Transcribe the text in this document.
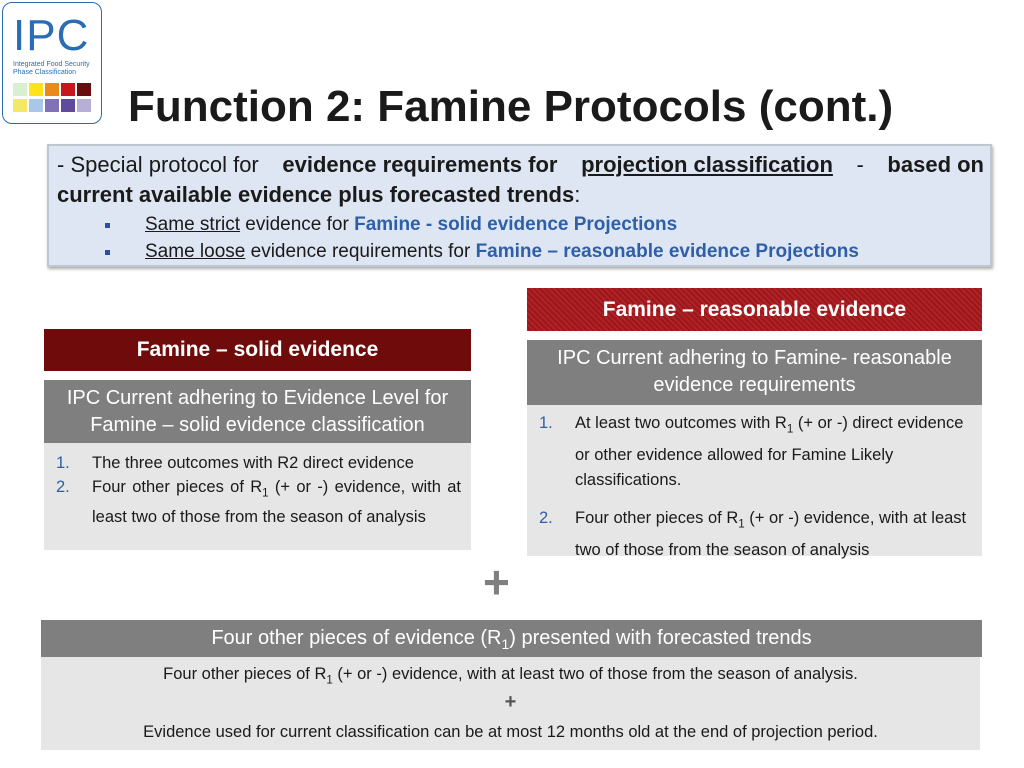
IPC
Integrated Food Security
Phase Classification
Function 2: Famine Protocols (cont.)
- Special protocol for evidence requirements for projection classification - based on
current available evidence plus forecasted trends:
Same strict evidence for Famine - solid evidence Projections
Same loose evidence requirements for Famine – reasonable evidence Projections
Famine – solid evidence
IPC Current adhering to Evidence Level for
Famine – solid evidence classification
1. The three outcomes with R2 direct evidence
2. Four other pieces of $R_1$ (+ or -) evidence, with at least two of those from the season of analysis
Famine – reasonable evidence
IPC Current adhering to Famine- reasonable
evidence requirements
1. At least two outcomes with $R_1$ (+ or -) direct evidence or other evidence allowed for Famine Likely classifications.
2. Four other pieces of $R_1$ (+ or -) evidence, with at least two of those from the season of analysis
+
Four other pieces of evidence $(R_1)$ presented with forecasted trends
Four other pieces of $R_1$ (+ or -) evidence, with at least two of those from the season of analysis.
+
Evidence used for current classification can be at most 12 months old at the end of projection period.
